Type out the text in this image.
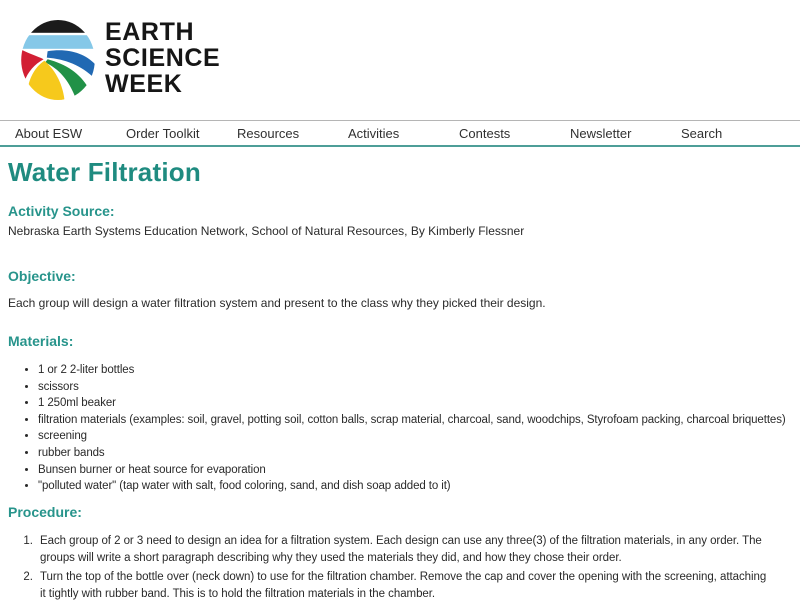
EARTH
SCIENCE
WEEK
About ESW	Order Toolkit	Resources	Activities	Contests	Newsletter	Search
Water Filtration
Activity Source:

Nebraska Earth Systems Education Network, School of Natural Resources, By Kimberly Flessner

Objective:

Each group will design a water filtration system and present to the class why they picked their design.

Materials:
• 1 or 2 2-liter bottles
• scissors
• 1 250ml beaker
• filtration materials (examples: soil, gravel, potting soil, cotton balls, scrap material, charcoal, sand, woodchips, Styrofoam packing, charcoal briquettes)
• screening
• rubber bands
• Bunsen burner or heat source for evaporation
• "polluted water" (tap water with salt, food coloring, sand, and dish soap added to it)
Procedure:
1. Each group of 2 or 3 need to design an idea for a filtration system. Each design can use any three(3) of the filtration materials, in any order. The groups will write a short paragraph describing why they used the materials they did, and how they chose their order.
2. Turn the top of the bottle over (neck down) to use for the filtration chamber. Remove the cap and cover the opening with the screening, attaching it tightly with rubber band. This is to hold the filtration materials in the chamber.
